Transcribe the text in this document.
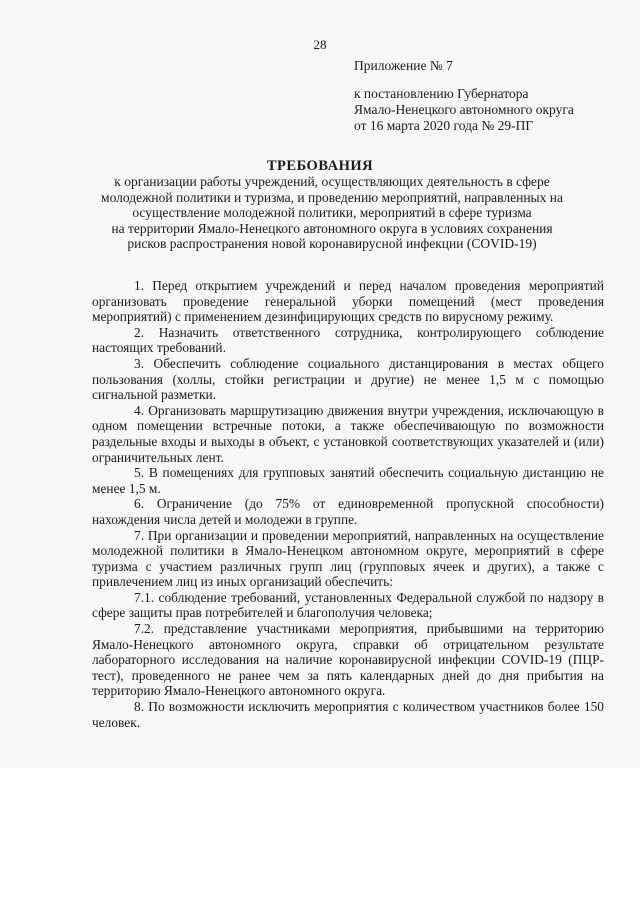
28
Приложение № 7
к постановлению Губернатора
Ямало-Ненецкого автономного округа
от 16 марта 2020 года № 29-ПГ
ТРЕБОВАНИЯ
к организации работы учреждений, осуществляющих деятельность в сфере
молодежной политики и туризма, и проведению мероприятий, направленных на
осуществление молодежной политики, мероприятий в сфере туризма
на территории Ямало-Ненецкого автономного округа в условиях сохранения
рисков распространения новой коронавирусной инфекции (COVID-19)

1. Перед открытием учреждений и перед началом проведения мероприятий организовать проведение генеральной уборки помещений (мест проведения мероприятий) с применением дезинфицирующих средств по вирусному режиму.

2. Назначить ответственного сотрудника, контролирующего соблюдение настоящих требований.

3. Обеспечить соблюдение социального дистанцирования в местах общего пользования (холлы, стойки регистрации и другие) не менее 1,5 м с помощью сигнальной разметки.

4. Организовать маршрутизацию движения внутри учреждения, исключающую в одном помещении встречные потоки, а также обеспечивающую по возможности раздельные входы и выходы в объект, с установкой соответствующих указателей и (или) ограничительных лент.

5. В помещениях для групповых занятий обеспечить социальную дистанцию не менее 1,5 м.

6. Ограничение (до 75% от единовременной пропускной способности) нахождения числа детей и молодежи в группе.

7. При организации и проведении мероприятий, направленных на осуществление молодежной политики в Ямало-Ненецком автономном округе, мероприятий в сфере туризма с участием различных групп лиц (групповых ячеек и других), а также с привлечением лиц из иных организаций обеспечить:

7.1. соблюдение требований, установленных Федеральной службой по надзору в сфере защиты прав потребителей и благополучия человека;

7.2. представление участниками мероприятия, прибывшими на территорию Ямало-Ненецкого автономного округа, справки об отрицательном результате лабораторного исследования на наличие коронавирусной инфекции COVID-19 (ПЦР-тест), проведенного не ранее чем за пять календарных дней до дня прибытия на территорию Ямало-Ненецкого автономного округа.

8. По возможности исключить мероприятия с количеством участников более 150 человек.
